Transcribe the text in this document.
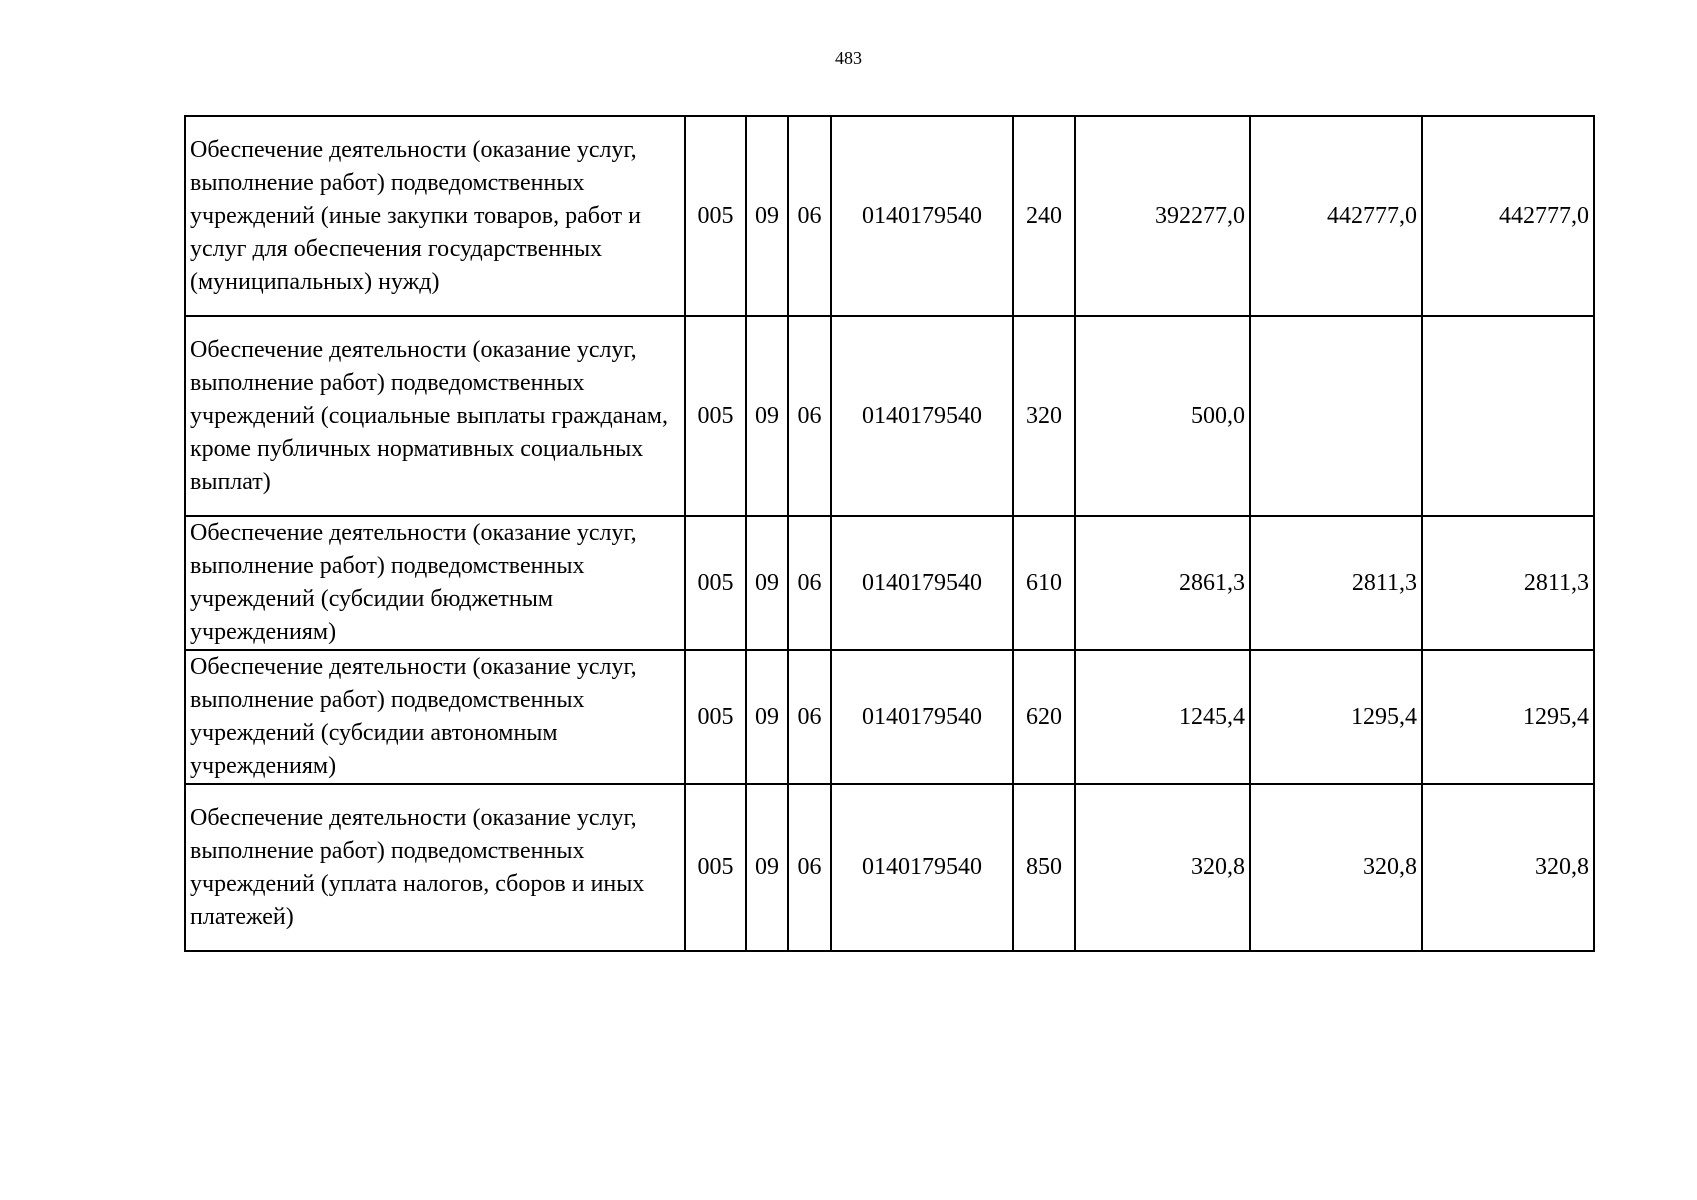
483
Обеспечение деятельности (оказание услуг, выполнение работ) подведомственных учреждений (иные закупки товаров, работ и услуг для обеспечения государственных (муниципальных) нужд)	005	09	06	0140179540	240	392277,0	442777,0	442777,0
Обеспечение деятельности (оказание услуг, выполнение работ) подведомственных учреждений (социальные выплаты гражданам, кроме публичных нормативных социальных выплат)	005	09	06	0140179540	320	500,0		
Обеспечение деятельности (оказание услуг, выполнение работ) подведомственных учреждений (субсидии бюджетным учреждениям)	005	09	06	0140179540	610	2861,3	2811,3	2811,3
Обеспечение деятельности (оказание услуг, выполнение работ) подведомственных учреждений (субсидии автономным учреждениям)	005	09	06	0140179540	620	1245,4	1295,4	1295,4
Обеспечение деятельности (оказание услуг, выполнение работ) подведомственных учреждений (уплата налогов, сборов и иных платежей)	005	09	06	0140179540	850	320,8	320,8	320,8
